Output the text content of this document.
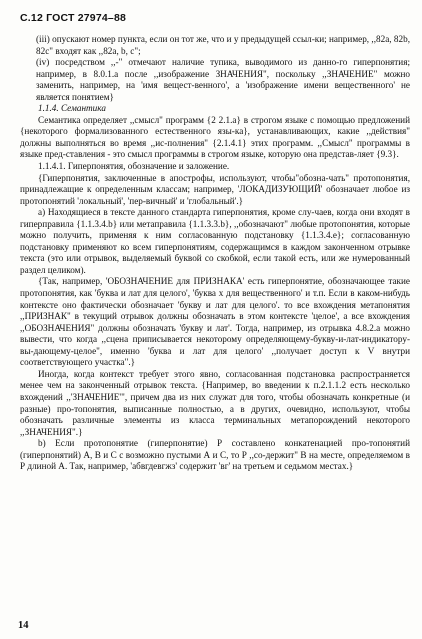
С.12 ГОСТ 27974–88

(iii) опускают номер пункта, если он тот же, что и у предыдущей ссыл-ки; например, ,,82а, 82b, 82с" входят как ,,82а, b, c";

(iv) посредством ,,-" отмечают наличие тупика, выводимого из данно-го гиперпонятия; например, в 8.0.1.а после ,,изображение ЗНАЧЕНИЯ", поскольку ,,ЗНАЧЕНИЕ" можно заменить, например, на 'имя вещест-венного', а 'изображение имени вещественного' не является понятием}

1.1.4. Семантика

Семантика определяет ,,смысл" программ {2 2.1.а} в строгом языке с помощью предложений {некоторого формализованного естественного язы-ка}, устанавливающих, какие ,,действия" должны выполняться во время ,,ис-полнения" {2.1.4.1} этих программ. ,,Смысл" программы в языке пред-ставления - это смысл программы в строгом языке, которую она представ-ляет {9.3}.

1.1.4.1. Гиперпонятия, обозначение и заложение.

{Гиперпонятия, заключенные в апострофы, используют, чтобы"обозна-чать" протопонятия, принадлежащие к определенным классам; например, 'ЛОКАДИЗУЮЩИЙ' обозначает любое из протопонятий 'локальный', 'пер-вичный' и 'глобальный'.}

а) Находящиеся в тексте данного стандарта гиперпонятия, кроме слу-чаев, когда они входят в гиперправила {1.1.3.4.b} или метаправила {1.1.3.3.b}, ,,обозначают" любые протопонятия, которые можно получить, применяя к ним согласованную подстановку {1.1.3.4.е}; согласованную подстановку применяют ко всем гиперпонятиям, содержащимся в каждом законченном отрывке текста (это или отрывок, выделяемый буквой со скобкой, если такой есть, или же нумерованный раздел целиком).

{Так, например, 'ОБОЗНАЧЕНИЕ для ПРИЗНАКА' есть гиперпонятие, обозначающее такие протопонятия, как 'буква и лат для целого', 'буква х для вещественного' и т.п. Если в каком-нибудь контексте оно фактически обозначает 'букву и лат для целого'. то все вхождения метапонятия ,,ПРИЗНАК" в текущий отрывок должны обозначать в этом контексте 'целое', а все вхождения ,,ОБОЗНАЧЕНИЯ" должны обозначать 'букву и лат'. Тогда, например, из отрывка 4.8.2.а можно вывести, что когда ,,сцена приписывается некоторому определяющему-букву-и-лат-индикатору-вы-дающему-целое", именно 'буква и лат для целого' ,,получает доступ к V внутри соответствующего участка".}

Иногда, когда контекст требует этого явно, согласованная подстановка распространяется менее чем на законченный отрывок текста. {Например, во введении к п.2.1.1.2 есть несколько вхождений ,,'ЗНАЧЕНИЕ'", причем два из них служат для того, чтобы обозначать конкретные (и разные) про-топонятия, выписанные полностью, а в других, очевидно, используют, чтобы обозначать различные элементы из класса терминальных метапорождений некоторого ,,ЗНАЧЕНИЯ".}

b) Если протопонятие (гиперпонятие) Р составлено конкатенацией про-топонятий (гиперпонятий) А, В и С с возможно пустыми А и С, то Р ,,со-держит" В на месте, определяемом в Р длиной А. Так, например, 'абвгдевгжз' содержит 'вг' на третьем и седьмом местах.}

14
